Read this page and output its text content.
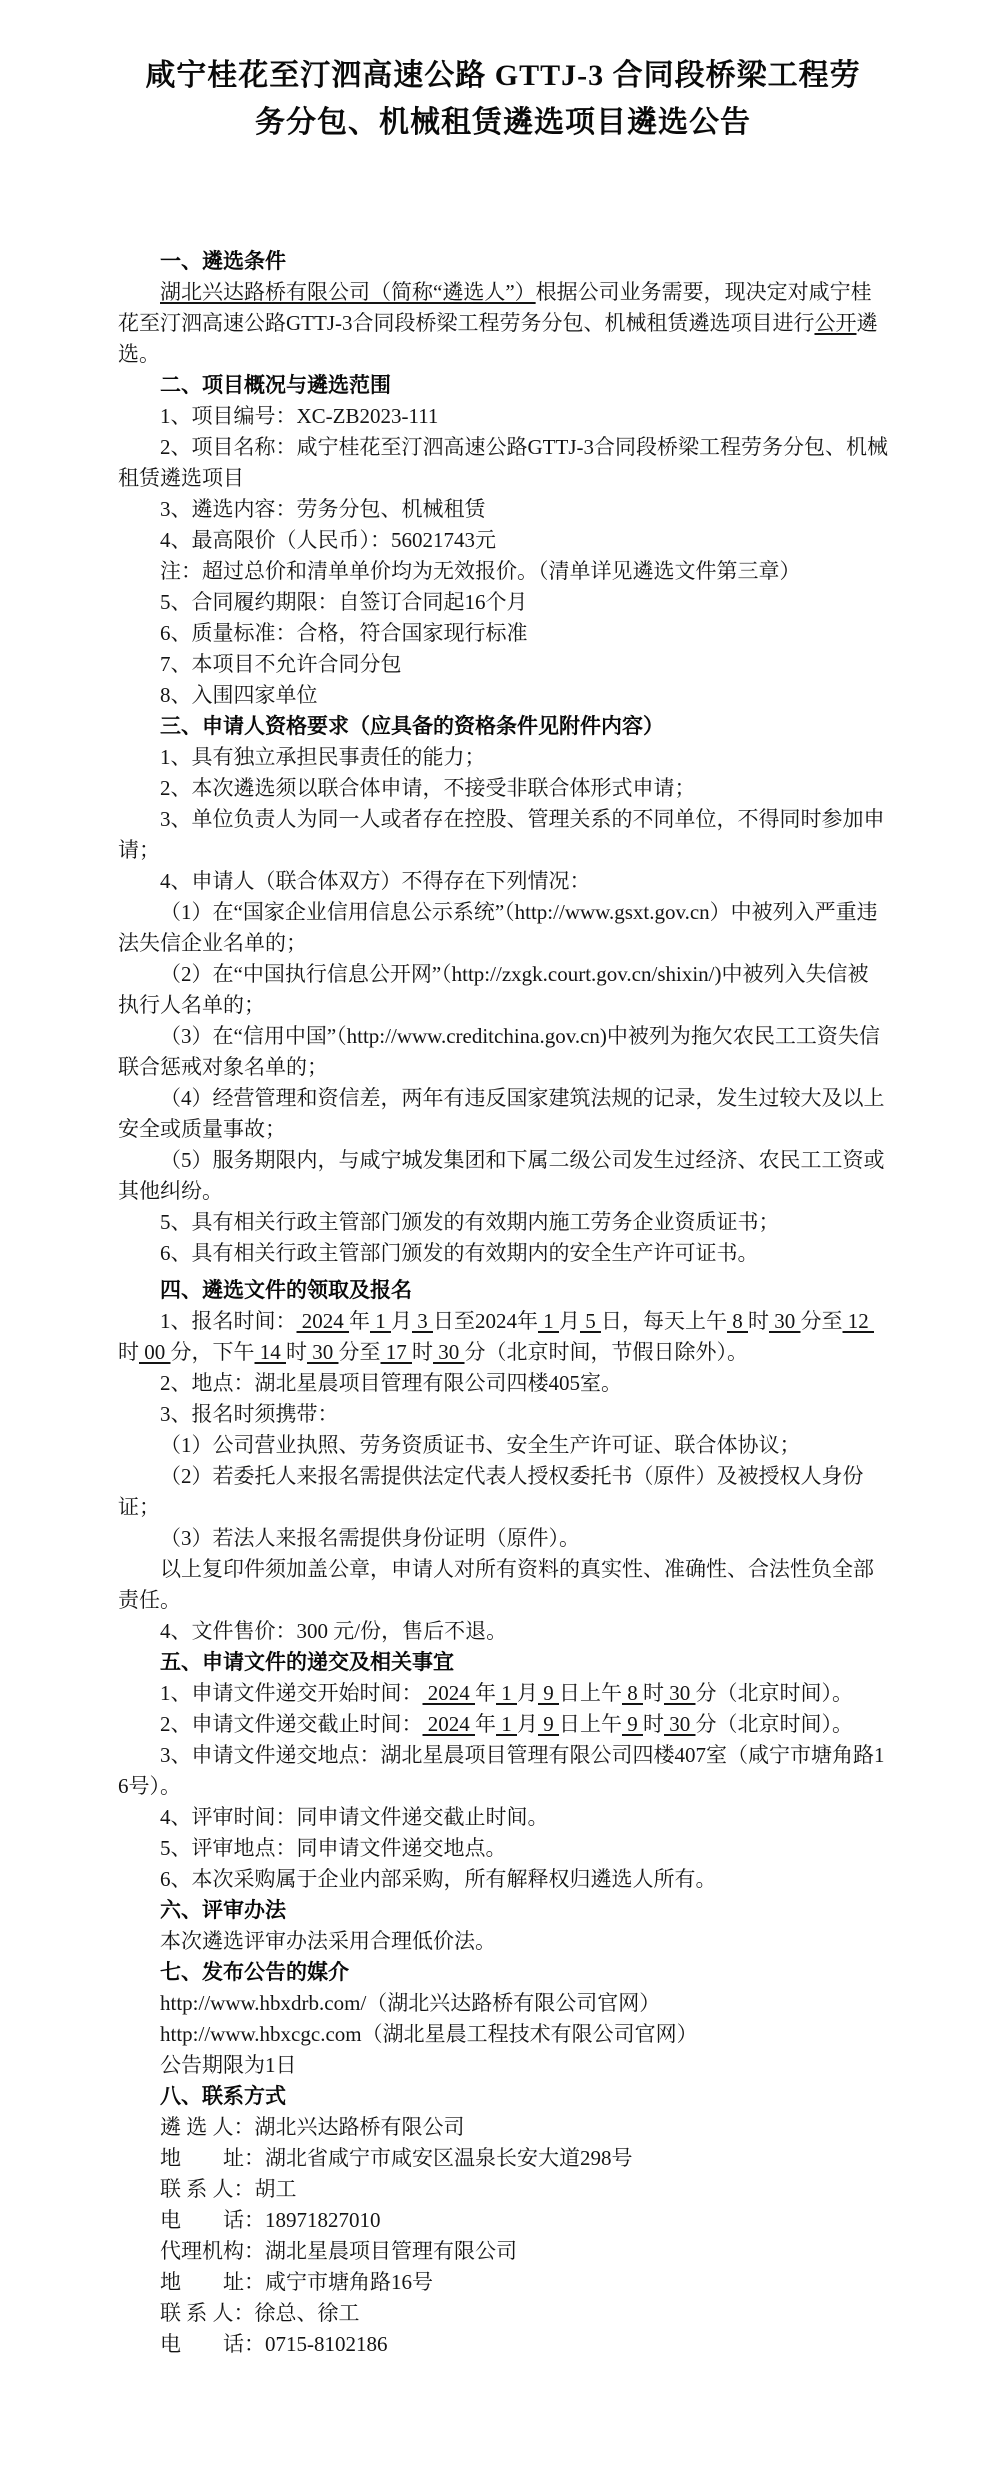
咸宁桂花至汀泗高速公路 GTTJ-3 合同段桥梁工程劳
务分包、机械租赁遴选项目遴选公告

一、遴选条件

湖北兴达路桥有限公司（简称“遴选人”）根据公司业务需要，现决定对咸宁桂花至汀泗高速公路GTTJ-3合同段桥梁工程劳务分包、机械租赁遴选项目进行公开遴选。

二、项目概况与遴选范围

1、项目编号：XC-ZB2023-111

2、项目名称：咸宁桂花至汀泗高速公路GTTJ-3合同段桥梁工程劳务分包、机械租赁遴选项目

3、遴选内容：劳务分包、机械租赁

4、最高限价（人民币）：56021743元

注：超过总价和清单单价均为无效报价。（清单详见遴选文件第三章）

5、合同履约期限：自签订合同起16个月

6、质量标准：合格，符合国家现行标准

7、本项目不允许合同分包

8、入围四家单位

三、申请人资格要求（应具备的资格条件见附件内容）

1、具有独立承担民事责任的能力；

2、本次遴选须以联合体申请，不接受非联合体形式申请；

3、单位负责人为同一人或者存在控股、管理关系的不同单位，不得同时参加申请；

4、申请人（联合体双方）不得存在下列情况：

（1）在“国家企业信用信息公示系统”（http://www.gsxt.gov.cn）中被列入严重违法失信企业名单的；

（2）在“中国执行信息公开网”（http://zxgk.court.gov.cn/shixin/)中被列入失信被执行人名单的；

（3）在“信用中国”（http://www.creditchina.gov.cn)中被列为拖欠农民工工资失信联合惩戒对象名单的；

（4）经营管理和资信差，两年有违反国家建筑法规的记录，发生过较大及以上安全或质量事故；

（5）服务期限内，与咸宁城发集团和下属二级公司发生过经济、农民工工资或其他纠纷。

5、具有相关行政主管部门颁发的有效期内施工劳务企业资质证书；

6、具有相关行政主管部门颁发的有效期内的安全生产许可证书。

四、遴选文件的领取及报名

1、报名时间： 2024 年 1 月 3 日至2024年 1 月 5 日，每天上午 8 时 30 分至 12 时 00 分，下午 14 时 30 分至 17 时 30 分（北京时间，节假日除外）。

2、地点：湖北星晨项目管理有限公司四楼405室。

3、报名时须携带：

（1）公司营业执照、劳务资质证书、安全生产许可证、联合体协议；

（2）若委托人来报名需提供法定代表人授权委托书（原件）及被授权人身份证；

（3）若法人来报名需提供身份证明（原件）。

以上复印件须加盖公章，申请人对所有资料的真实性、准确性、合法性负全部责任。

4、文件售价：300 元/份，售后不退。

五、申请文件的递交及相关事宜

1、申请文件递交开始时间： 2024 年 1 月 9 日上午 8 时 30 分（北京时间）。

2、申请文件递交截止时间： 2024 年 1 月 9 日上午 9 时 30 分（北京时间）。

3、申请文件递交地点：湖北星晨项目管理有限公司四楼407室（咸宁市塘角路16号）。

4、评审时间：同申请文件递交截止时间。

5、评审地点：同申请文件递交地点。

6、本次采购属于企业内部采购，所有解释权归遴选人所有。

六、评审办法

本次遴选评审办法采用合理低价法。

七、发布公告的媒介

http://www.hbxdrb.com/（湖北兴达路桥有限公司官网）

http://www.hbxcgc.com（湖北星晨工程技术有限公司官网）

公告期限为1日

八、联系方式

遴 选 人：湖北兴达路桥有限公司

地　　址：湖北省咸宁市咸安区温泉长安大道298号

联 系 人：胡工

电　　话：18971827010

代理机构：湖北星晨项目管理有限公司

地　　址：咸宁市塘角路16号

联 系 人：徐总、徐工

电　　话：0715-8102186
